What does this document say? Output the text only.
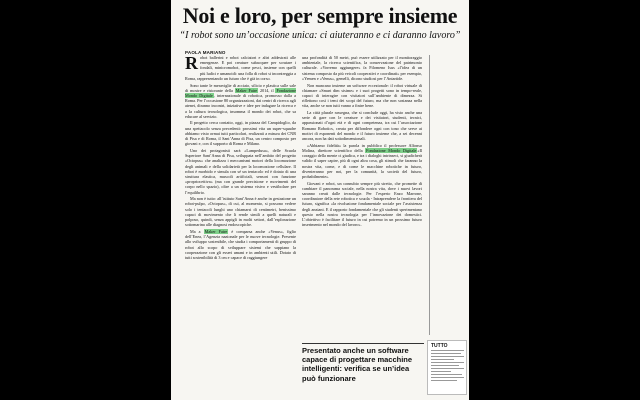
Noi e loro, per sempre insieme
“I robot sono un’occasione unica: ci aiuteranno e ci daranno lavoro”
PAOLA MARIANO

Robot ballerini e robot calciatori e altri addestrati alle emergenze. E poi creature subacquee per scrutare i fondali, minicromobot, come pesci, insieme con quelli più ludici e umanoidi: una folla di robot si incontreggia a Roma, rappresentando un futuro che è già in corso.

Sono tante le meraviglie di acciaio, silicio e plastica sulle sale di mostre e ristorante della Maker Faire 2014, il Fondazione Mondo Digitale, internazionale di robotica, promosso dalla a Roma. Per l’occasione 80 organizzazioni, dai centri di ricerca agli atenei, diranno incontri, iniziative e idee per indagare la ricerca e a la cultura tecnologica, insomma il mondo dei robot, che sa educare al servizio.

Il progetto cerca contatto, oggi, in piazza del Campidoglio, da una spettacolo senza precedenti: prossimi vita un super-squadre abbiamo visto ormai tutti particolari, realizzati a misura dei CNR di Pisa e di Roma, il Sant’Anna di Pisa, un centro composto per giovani e, con il supporto di Roma e Milano.

Uno dei protagonisti sarà «Lampedusa», delle Scuola Superiore Sant’Anna di Pisa, sviluppata nell’ambito del progetto «Octopus» che analizza i meccanismi motori della locomozione degli animali e della solidarietà per la locomozione cellulare. Il robot è morbido e simula con sé un tentacolo ed è dotato di una struttura elastica, muscoli artificiali, sensori con funzione «propriocettiva» (ma con grande precisione e movimenti del corpo nello spazio), oltre a un sistema visivo e vestibolare per l’equilibrio.

Ma non è tutto: all’istituto Sant’Anna è anche in gestazione un robot-pulpo, «Octopus», di cui, al momento, si possono vedere solo i tentacoli lunghi uno chiamarsi di centimetri, benissimo capaci di movimento che li rende simili a quelli naturali e polposo, quindi, senza appigli in molti settori, dall’esplorazione sottomarina alle diagnosi endoscopiche.

Ma a Maker Faire è comparsa anche «Venus», figlio dell’Enea, l’Agenzia nazionale per le nuove tecnologie. Presente allo sviluppo sostenibile, che studia i comportamenti di gruppo di robot allo scopo di sviluppare sistemi che sappiano la cooperazione con gli esseri umani e in ambienti utili. Dotato di tutti sostenibilità di 3 cm e capace di raggiungere

una profondità di 50 metri, può essere utilizzato per il monitoraggio ambientale, la ricerca scientifica, la conservazione del patrimonio culturale. «Vorremo aggiungere» fa Filomeno Isus «l’idea di un sistema composto da più veicoli cooperativi e coordinati» per esempio, «Yemen e «Venus», gemelli, dicono studiosi per l’Antartide.

Non mancano insieme un software eccezionale: il robot virtuale di chiamare «Smart dim sisime» e i suoi progetti sono in tempo-reale, capaci di interagire con visitatori sull’ambiente di dimezza. Si riflettono così i temi dei scopi del futuro, ma che non sostanza nella vita, anche se non tutti vanno a finire bene.

La città plurale rassegna, che si conclude oggi, ha visto anche una serie di gare con le creature e dei visitatori, studenti, tecnici, appassionati d’ogni età e di ogni competenza, tra cui l’associazione Romano Robotics, creata per diffondere ogni con tono che serve ai motivi di esponenti del mondo e il futuro insieme che, a sei decenni ancora, non ha dati sottodimensionali.

«Abbiamo fidelità» la parola in pubblico il professore Alfonso Molina, direttore scientifico della Fondazione Mondo Digitale«Il coraggio della mente ci giudica, e tra i dialoghi intrinseci, si giudicherà valido il saper capire, più di ogni altra cosa, gli stimoli che faranno la nostra vita, come, e di come le macchine robotiche in futuro, diventeranno per noi, per la comunità, la società del futuro, probabilmente».

Giovani e robot, un connubio sempre più stretto, che promette di cambiare il panorama sociale, nella nostra vita, dove i nuovi lavori saranno creati dalle tecnologie. Per l’esperto Enzo Marrone, coordinatore della rete robotica e scuola - Intraprendere la frontiera del futuro, significa «la rivoluzione fondamentale sociale per l’assistenza degli anziani. E il rapporto fondamentale che gli studenti sperimentano questo nella nostra tecnologia per l’innovazione dei domestici. L’obiettivo è facilitare il futuro in cui potremo in un prossimo futuro inserimento nel mondo del lavoro».

Presentato anche un software capace di progettare macchine intelligenti: verifica se un’idea può funzionare
TUTTO
